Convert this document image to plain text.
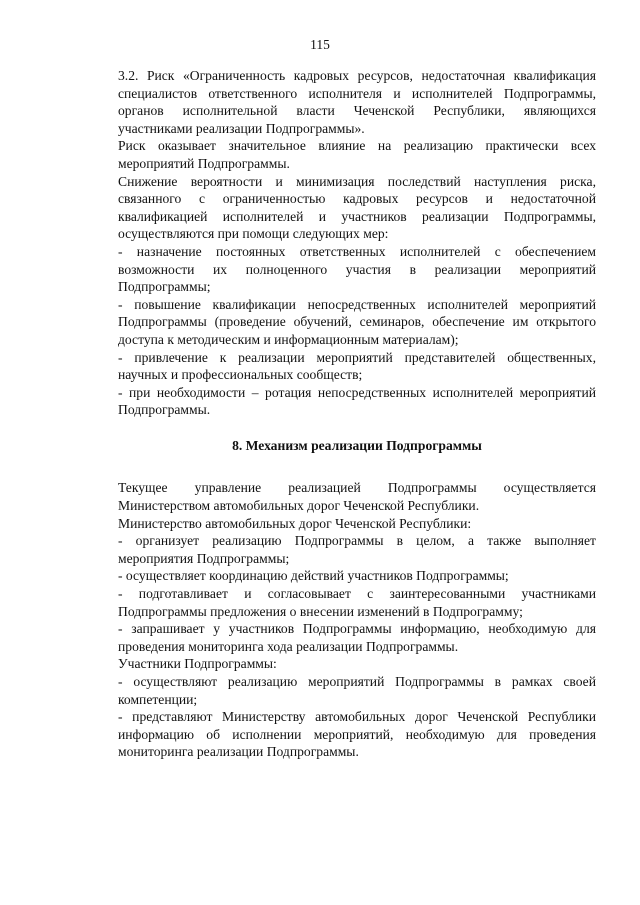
115

3.2. Риск «Ограниченность кадровых ресурсов, недостаточная квалификация специалистов ответственного исполнителя и исполнителей Подпрограммы, органов исполнительной власти Чеченской Республики, являющихся участниками реализации Подпрограммы».

Риск оказывает значительное влияние на реализацию практически всех мероприятий Подпрограммы.

Снижение вероятности и минимизация последствий наступления риска, связанного с ограниченностью кадровых ресурсов и недостаточной квалификацией исполнителей и участников реализации Подпрограммы, осуществляются при помощи следующих мер:

- назначение постоянных ответственных исполнителей с обеспечением возможности их полноценного участия в реализации мероприятий Подпрограммы;

- повышение квалификации непосредственных исполнителей мероприятий Подпрограммы (проведение обучений, семинаров, обеспечение им открытого доступа к методическим и информационным материалам);

- привлечение к реализации мероприятий представителей общественных, научных и профессиональных сообществ;

- при необходимости – ротация непосредственных исполнителей мероприятий Подпрограммы.

8. Механизм реализации Подпрограммы

Текущее управление реализацией Подпрограммы осуществляется Министерством автомобильных дорог Чеченской Республики.

Министерство автомобильных дорог Чеченской Республики:

- организует реализацию Подпрограммы в целом, а также выполняет мероприятия Подпрограммы;

- осуществляет координацию действий участников Подпрограммы;

- подготавливает и согласовывает с заинтересованными участниками Подпрограммы предложения о внесении изменений в Подпрограмму;

- запрашивает у участников Подпрограммы информацию, необходимую для проведения мониторинга хода реализации Подпрограммы.

Участники Подпрограммы:

- осуществляют реализацию мероприятий Подпрограммы в рамках своей компетенции;

- представляют Министерству автомобильных дорог Чеченской Республики информацию об исполнении мероприятий, необходимую для проведения мониторинга реализации Подпрограммы.
